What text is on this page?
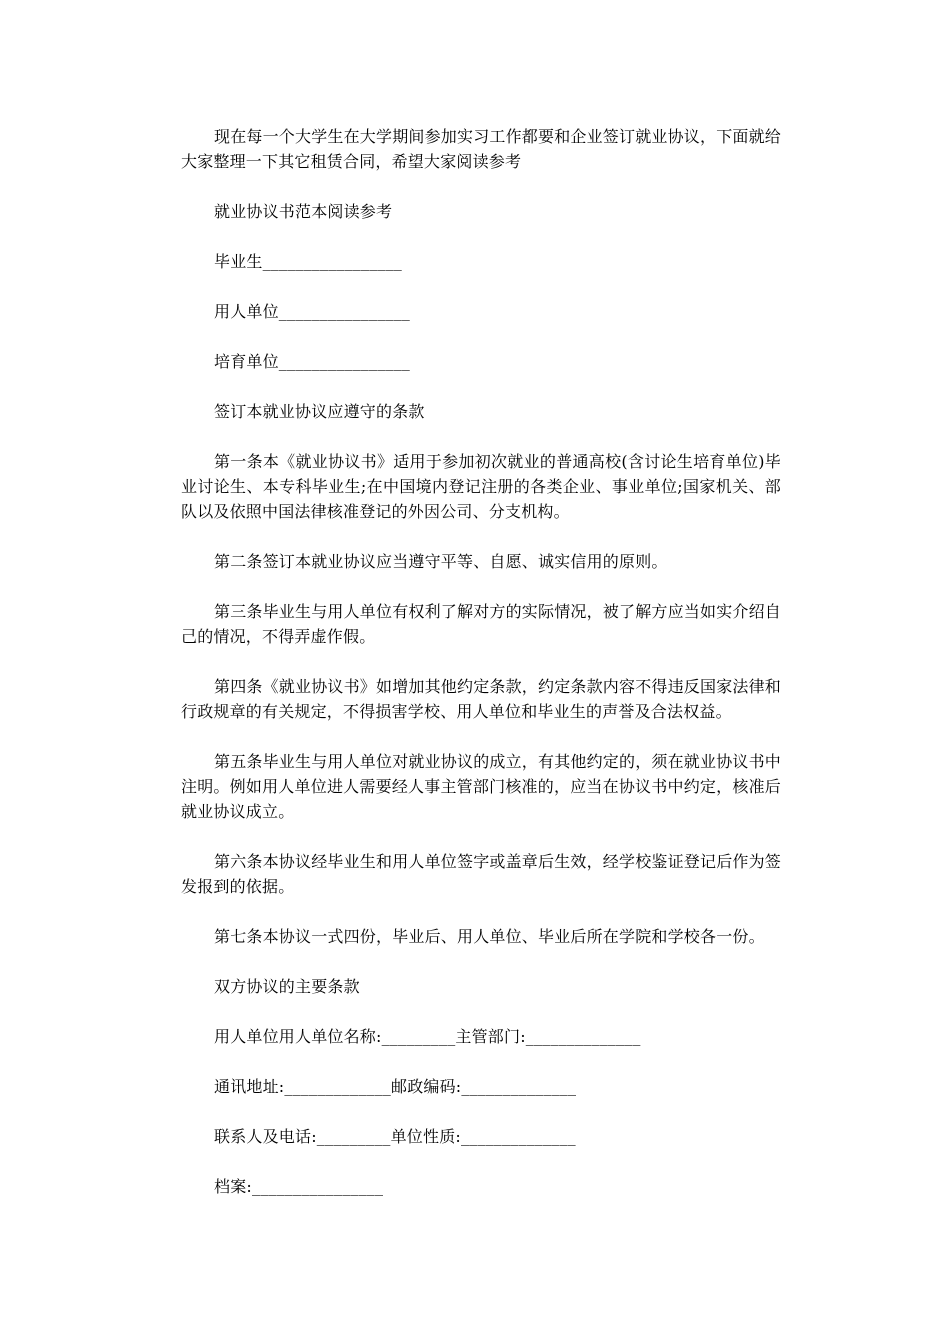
现在每一个大学生在大学期间参加实习工作都要和企业签订就业协议，下面就给大家整理一下其它租赁合同，希望大家阅读参考

就业协议书范本阅读参考

毕业生_________________

用人单位________________

培育单位________________

签订本就业协议应遵守的条款

第一条本《就业协议书》适用于参加初次就业的普通高校(含讨论生培育单位)毕业讨论生、本专科毕业生;在中国境内登记注册的各类企业、事业单位;国家机关、部队以及依照中国法律核准登记的外因公司、分支机构。

第二条签订本就业协议应当遵守平等、自愿、诚实信用的原则。

第三条毕业生与用人单位有权利了解对方的实际情况，被了解方应当如实介绍自己的情况，不得弄虚作假。

第四条《就业协议书》如增加其他约定条款，约定条款内容不得违反国家法律和行政规章的有关规定，不得损害学校、用人单位和毕业生的声誉及合法权益。

第五条毕业生与用人单位对就业协议的成立，有其他约定的，须在就业协议书中注明。例如用人单位进人需要经人事主管部门核准的，应当在协议书中约定，核准后就业协议成立。

第六条本协议经毕业生和用人单位签字或盖章后生效，经学校鉴证登记后作为签发报到的依据。

第七条本协议一式四份，毕业后、用人单位、毕业后所在学院和学校各一份。

双方协议的主要条款

用人单位用人单位名称:_________主管部门:______________

通讯地址:_____________邮政编码:______________

联系人及电话:_________单位性质:______________

档案:________________
